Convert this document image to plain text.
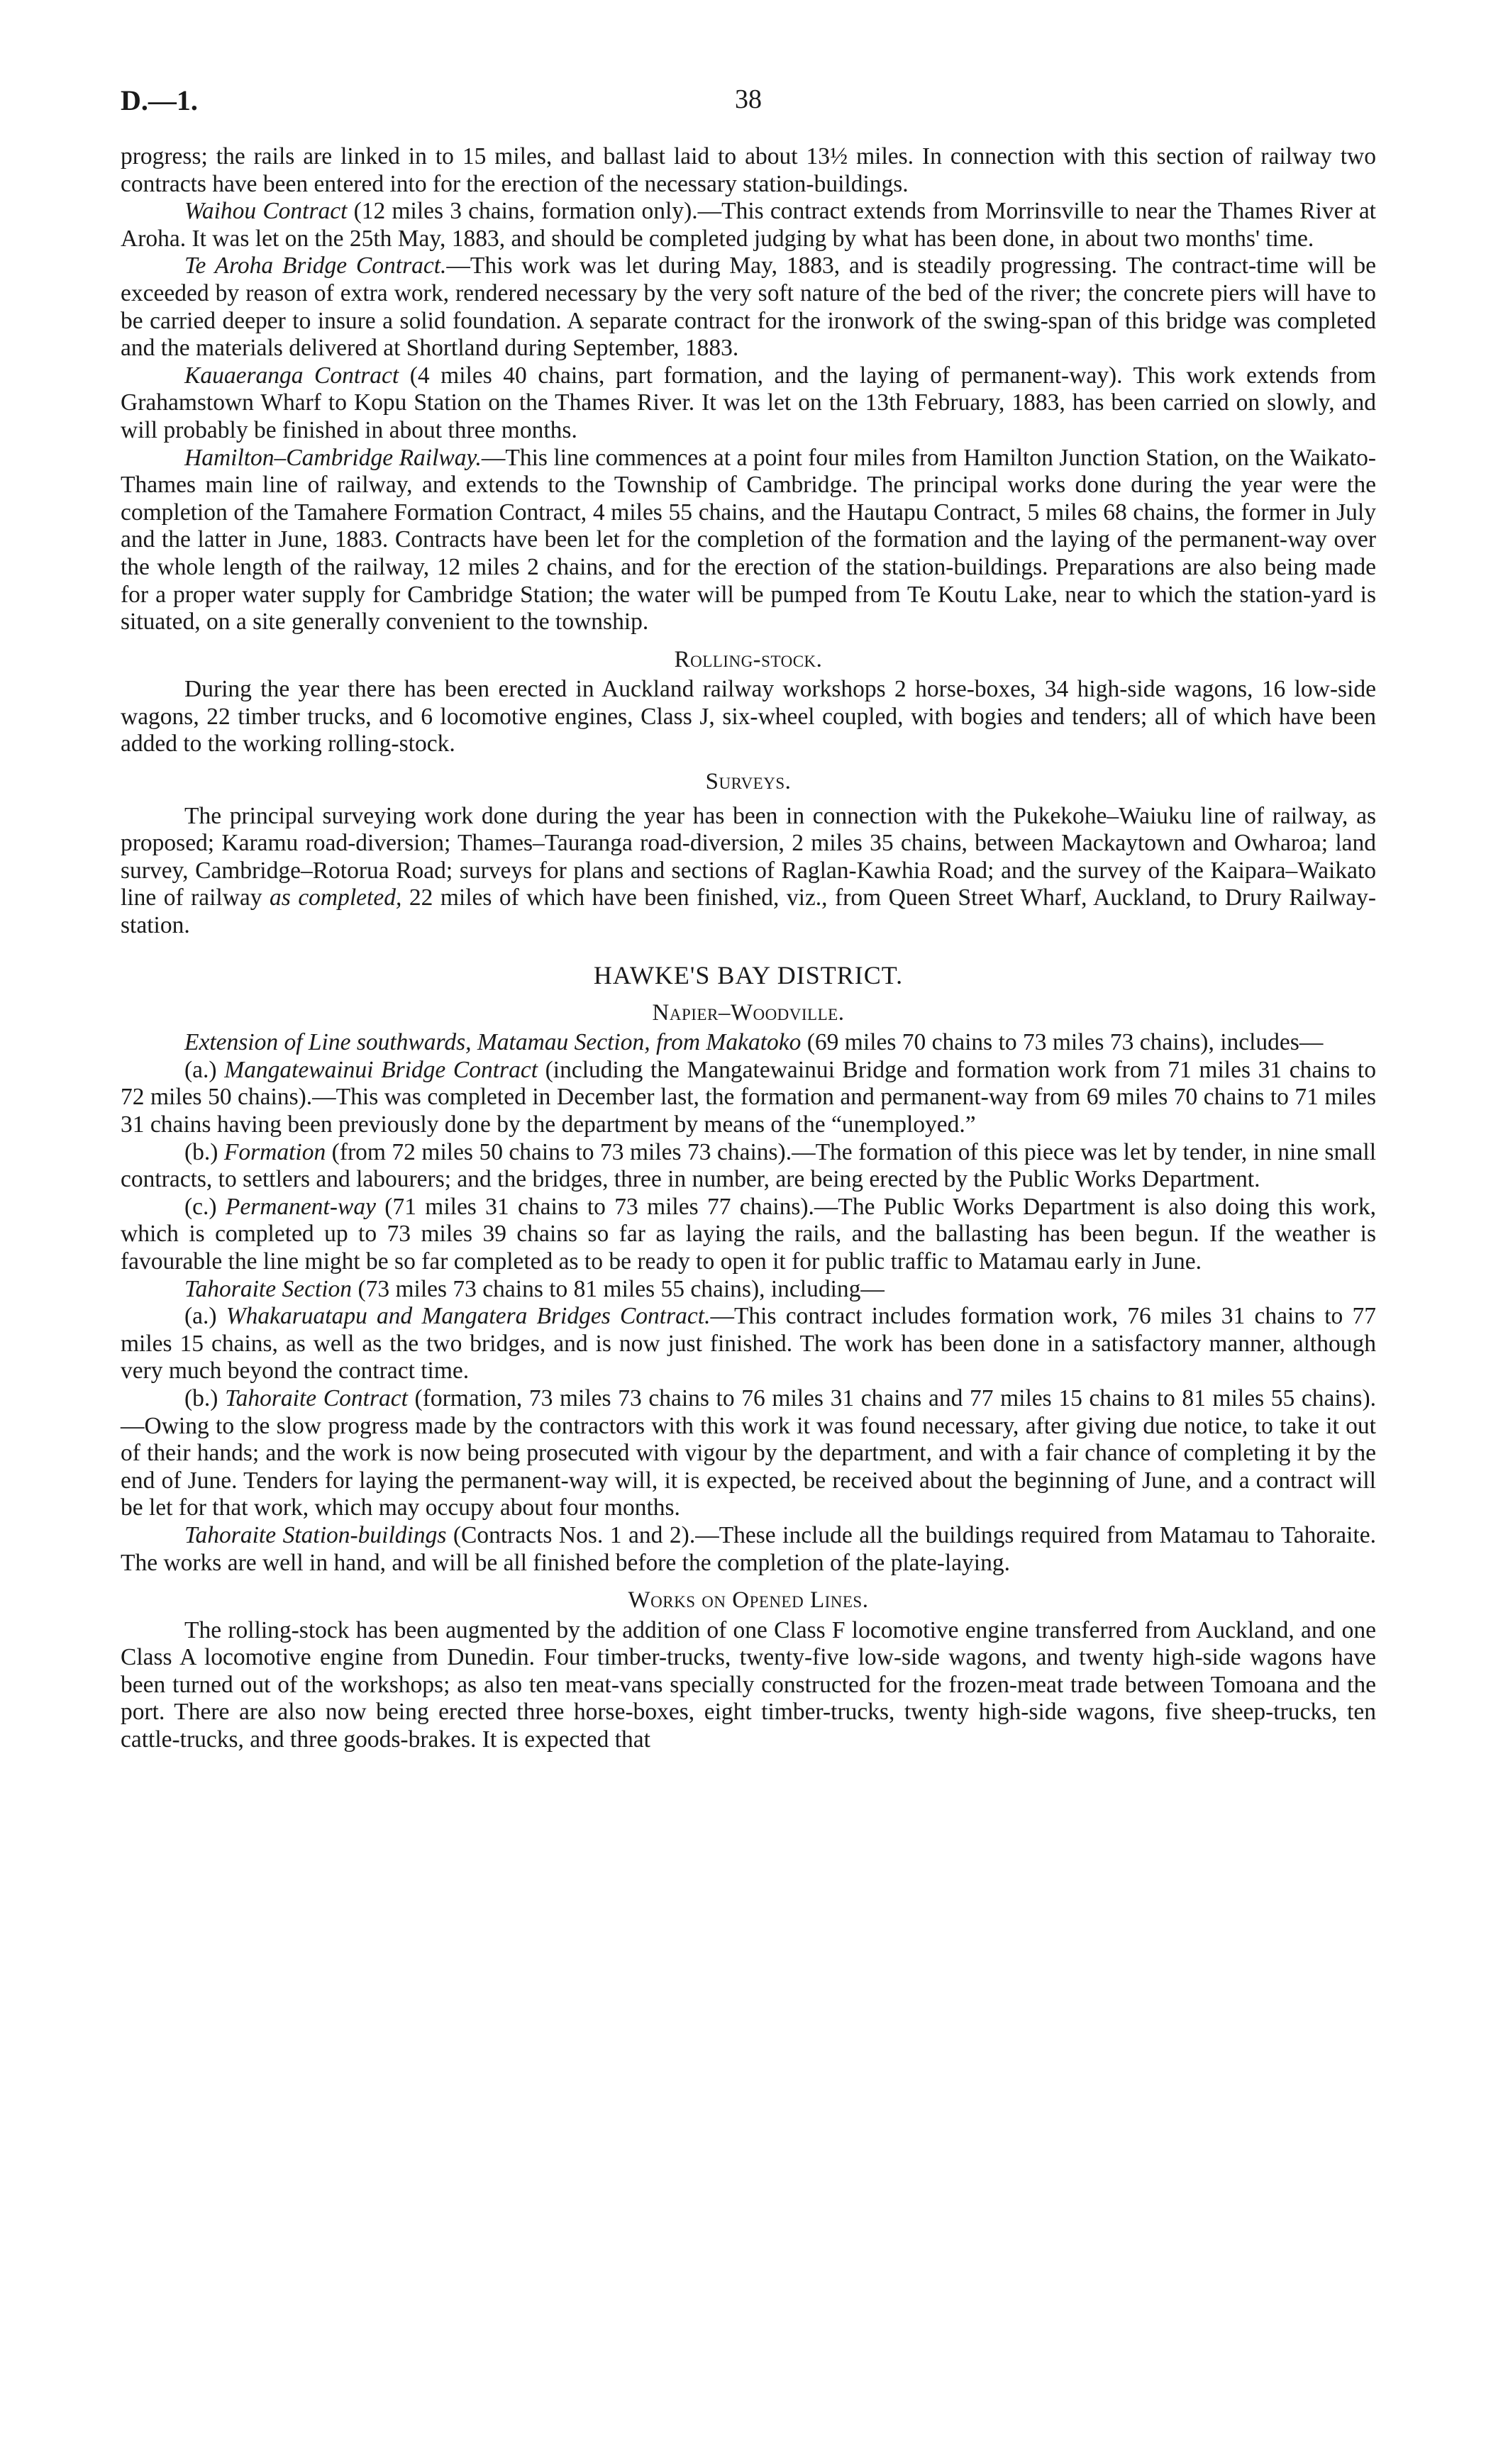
D.—1.	38

progress; the rails are linked in to 15 miles, and ballast laid to about 13½ miles. In connection with this section of railway two contracts have been entered into for the erection of the necessary station-buildings.

Waihou Contract (12 miles 3 chains, formation only).—This contract extends from Morrinsville to near the Thames River at Aroha. It was let on the 25th May, 1883, and should be completed judging by what has been done, in about two months' time.

Te Aroha Bridge Contract.—This work was let during May, 1883, and is steadily progressing. The contract-time will be exceeded by reason of extra work, rendered necessary by the very soft nature of the bed of the river; the concrete piers will have to be carried deeper to insure a solid foundation. A separate contract for the ironwork of the swing-span of this bridge was completed and the materials delivered at Shortland during September, 1883.

Kauaeranga Contract (4 miles 40 chains, part formation, and the laying of permanent-way). This work extends from Grahamstown Wharf to Kopu Station on the Thames River. It was let on the 13th February, 1883, has been carried on slowly, and will probably be finished in about three months.

Hamilton–Cambridge Railway.—This line commences at a point four miles from Hamilton Junction Station, on the Waikato-Thames main line of railway, and extends to the Township of Cambridge. The principal works done during the year were the completion of the Tamahere Formation Contract, 4 miles 55 chains, and the Hautapu Contract, 5 miles 68 chains, the former in July and the latter in June, 1883. Contracts have been let for the completion of the formation and the laying of the permanent-way over the whole length of the railway, 12 miles 2 chains, and for the erection of the station-buildings. Preparations are also being made for a proper water supply for Cambridge Station; the water will be pumped from Te Koutu Lake, near to which the station-yard is situated, on a site generally convenient to the township.

Rolling-stock.

During the year there has been erected in Auckland railway workshops 2 horse-boxes, 34 high-side wagons, 16 low-side wagons, 22 timber trucks, and 6 locomotive engines, Class J, six-wheel coupled, with bogies and tenders; all of which have been added to the working rolling-stock.

Surveys.

The principal surveying work done during the year has been in connection with the Pukekohe–Waiuku line of railway, as proposed; Karamu road-diversion; Thames–Tauranga road-diversion, 2 miles 35 chains, between Mackaytown and Owharoa; land survey, Cambridge–Rotorua Road; surveys for plans and sections of Raglan-Kawhia Road; and the survey of the Kaipara–Waikato line of railway as completed, 22 miles of which have been finished, viz., from Queen Street Wharf, Auckland, to Drury Railway-station.

HAWKE'S BAY DISTRICT.
Napier–Woodville.

Extension of Line southwards, Matamau Section, from Makatoko (69 miles 70 chains to 73 miles 73 chains), includes—

(a.) Mangatewainui Bridge Contract (including the Mangatewainui Bridge and formation work from 71 miles 31 chains to 72 miles 50 chains).—This was completed in December last, the formation and permanent-way from 69 miles 70 chains to 71 miles 31 chains having been previously done by the department by means of the “unemployed.”

(b.) Formation (from 72 miles 50 chains to 73 miles 73 chains).—The formation of this piece was let by tender, in nine small contracts, to settlers and labourers; and the bridges, three in number, are being erected by the Public Works Department.

(c.) Permanent-way (71 miles 31 chains to 73 miles 77 chains).—The Public Works Department is also doing this work, which is completed up to 73 miles 39 chains so far as laying the rails, and the ballasting has been begun. If the weather is favourable the line might be so far completed as to be ready to open it for public traffic to Matamau early in June.

Tahoraite Section (73 miles 73 chains to 81 miles 55 chains), including—

(a.) Whakaruatapu and Mangatera Bridges Contract.—This contract includes formation work, 76 miles 31 chains to 77 miles 15 chains, as well as the two bridges, and is now just finished. The work has been done in a satisfactory manner, although very much beyond the contract time.

(b.) Tahoraite Contract (formation, 73 miles 73 chains to 76 miles 31 chains and 77 miles 15 chains to 81 miles 55 chains).—Owing to the slow progress made by the contractors with this work it was found necessary, after giving due notice, to take it out of their hands; and the work is now being prosecuted with vigour by the department, and with a fair chance of completing it by the end of June. Tenders for laying the permanent-way will, it is expected, be received about the beginning of June, and a contract will be let for that work, which may occupy about four months.

Tahoraite Station-buildings (Contracts Nos. 1 and 2).—These include all the buildings required from Matamau to Tahoraite. The works are well in hand, and will be all finished before the completion of the plate-laying.

Works on Opened Lines.

The rolling-stock has been augmented by the addition of one Class F locomotive engine transferred from Auckland, and one Class A locomotive engine from Dunedin. Four timber-trucks, twenty-five low-side wagons, and twenty high-side wagons have been turned out of the workshops; as also ten meat-vans specially constructed for the frozen-meat trade between Tomoana and the port. There are also now being erected three horse-boxes, eight timber-trucks, twenty high-side wagons, five sheep-trucks, ten cattle-trucks, and three goods-brakes. It is expected that
